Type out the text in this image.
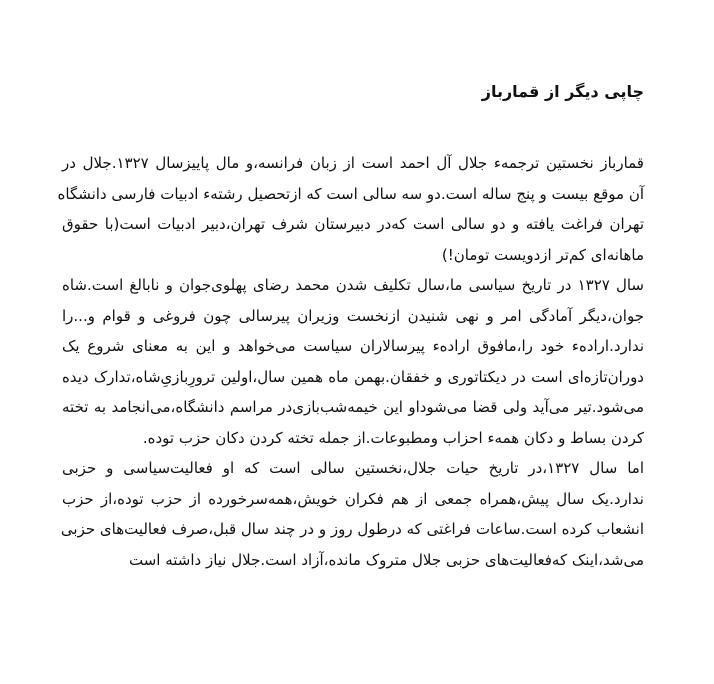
چاپی دیگر از قمارباز
قمارباز نخستین ترجمهء جلال آل احمد است از زبان فرانسه،و مال پاییزسال ۱۳۲۷.جلال در
آن موقع بیست و پنج ساله است.دو سه سالی است که ازتحصیل رشتهء ادبیات فارسی دانشگاه
تهران فراغت یافته و دو سالی است که‌در دبیرستان شرف تهران،دبیر ادبیات است(با حقوق
ماهانه‌ای کم‌تر ازدویست تومان!)
سال ۱۳۲۷ در تاریخ سیاسی ما،سال تکلیف شدن محمد رضای پهلوی‌جوان و نابالغ است.شاه
جوان،دیگر آمادگی امر و نهی شنیدن ازنخست وزیران پیرسالی چون فروغی و قوام و...را
ندارد.اراده‌ء خود را،مافوق اراده‌ء پیرسالاران سیاست می‌خواهد و این به معنای شروع یک
دوران‌تازه‌ای است در دیکتاتوری و خفقان.بهمن ماه همین سال،اولین ترورِبازیِ‌شاه،تدارک دیده
می‌شود.تیر می‌آید ولی قضا می‌شود‌او این خیمه‌شب‌بازی‌در مراسم دانشگاه،می‌انجامد به تخته
کردن بساط و دکان همهء احزاب ومطبوعات.از جمله تخته کردن دکان حزب توده.
اما سال ۱۳۲۷،در تاریخ حیات جلال،نخستین سالی است که او فعالیت‌سیاسی و حزبی
ندارد.یک سال پیش،همراه جمعی از هم فکران خویش،همه‌سرخورده از حزب توده،از حزب
انشعاب کرده است.ساعات فراغتی که درطول روز و در چند سال قبل،صرف فعالیت‌های حزبی
می‌شد،اینک که‌فعالیت‌های حزبی جلال متروک مانده،آزاد است.جلال نیاز داشته است
